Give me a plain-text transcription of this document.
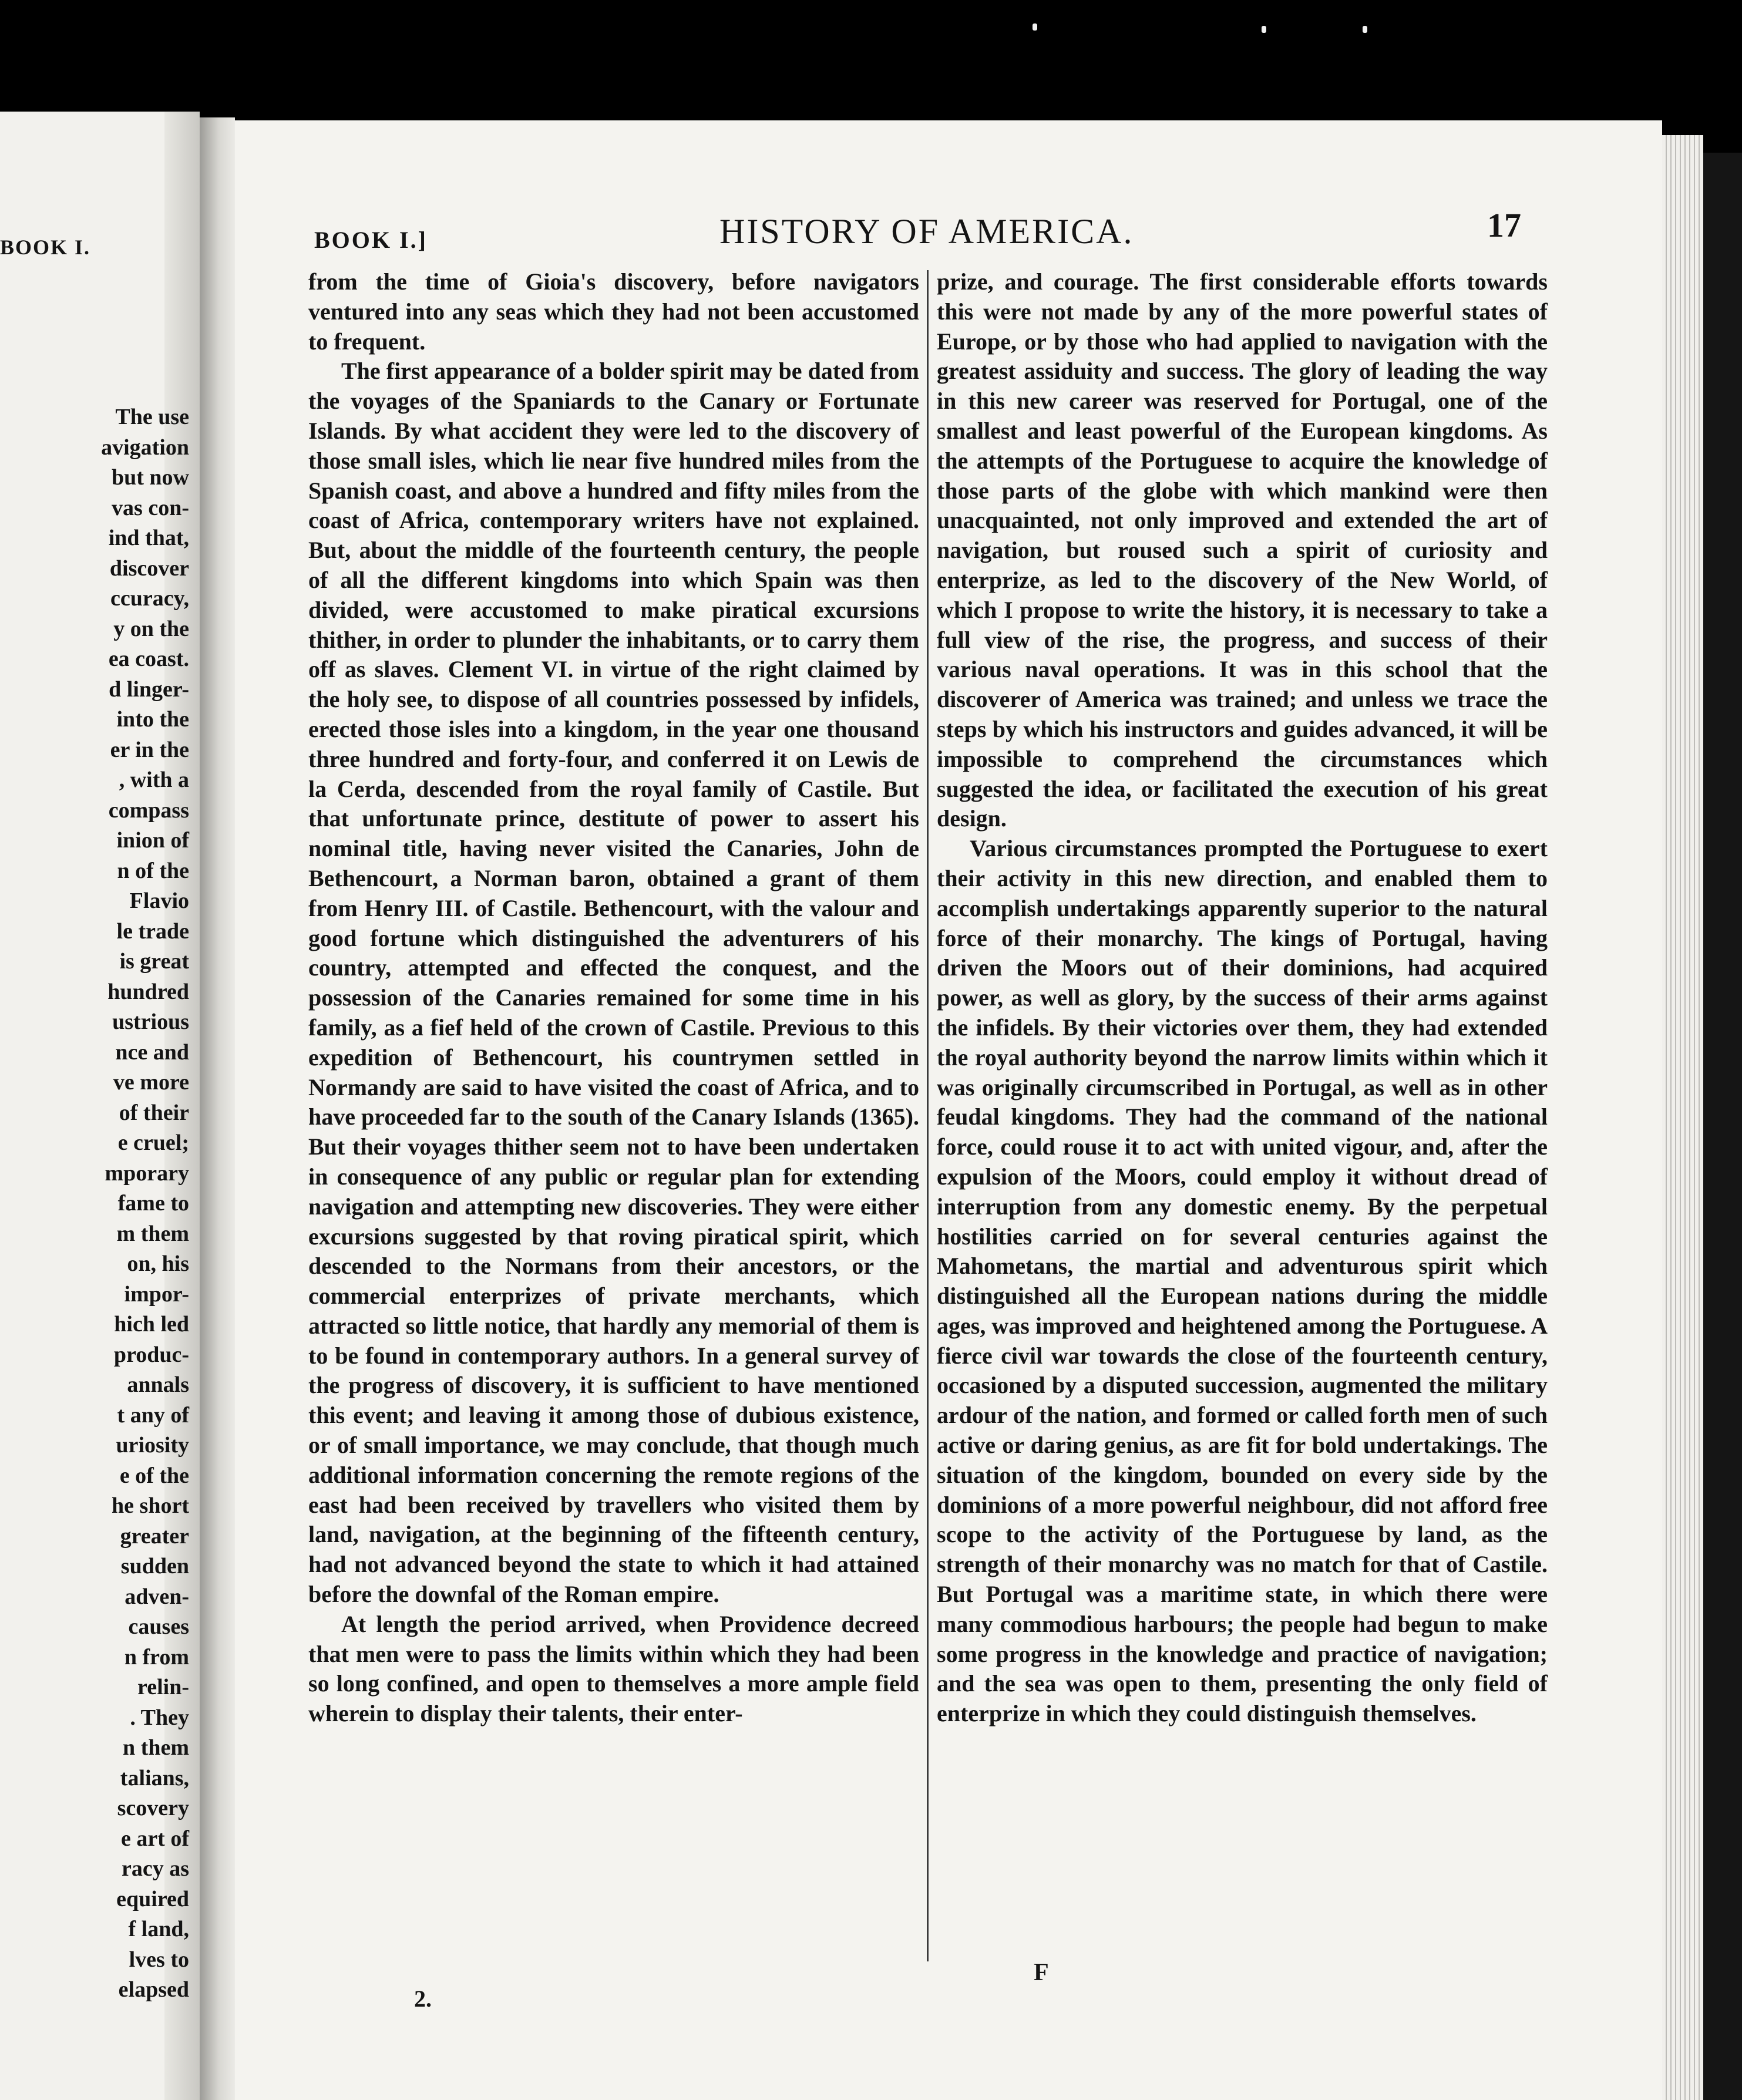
BOOK I.
The use
avigation
but now
vas con-
ind that,
discover
ccuracy,
y on the
ea coast.
d linger-
into the
er in the
, with a
compass
inion of
n of the
Flavio
le trade
is great
hundred
ustrious
nce and
ve more
of their
e cruel;
mporary
fame to
m them
on, his
impor-
hich led
produc-
annals
t any of
uriosity
e of the
he short
greater
sudden
adven-
causes
n from
relin-
. They
n them
talians,
scovery
e art of
racy as
equired
f land,
lves to
elapsed
BOOK I.]	HISTORY OF AMERICA.	17

from the time of Gioia's discovery, before navigators ventured into any seas which they had not been accustomed to frequent.

The first appearance of a bolder spirit may be dated from the voyages of the Spaniards to the Canary or Fortunate Islands. By what accident they were led to the discovery of those small isles, which lie near five hundred miles from the Spanish coast, and above a hundred and fifty miles from the coast of Africa, contemporary writers have not explained. But, about the middle of the fourteenth century, the people of all the different kingdoms into which Spain was then divided, were accustomed to make piratical excursions thither, in order to plunder the inhabitants, or to carry them off as slaves. Clement VI. in virtue of the right claimed by the holy see, to dispose of all countries possessed by infidels, erected those isles into a kingdom, in the year one thousand three hundred and forty-four, and conferred it on Lewis de la Cerda, descended from the royal family of Castile. But that unfortunate prince, destitute of power to assert his nominal title, having never visited the Canaries, John de Bethencourt, a Norman baron, obtained a grant of them from Henry III. of Castile. Bethencourt, with the valour and good fortune which distinguished the adventurers of his country, attempted and effected the conquest, and the possession of the Canaries remained for some time in his family, as a fief held of the crown of Castile. Previous to this expedition of Bethencourt, his countrymen settled in Normandy are said to have visited the coast of Africa, and to have proceeded far to the south of the Canary Islands (1365). But their voyages thither seem not to have been undertaken in consequence of any public or regular plan for extending navigation and attempting new discoveries. They were either excursions suggested by that roving piratical spirit, which descended to the Normans from their ancestors, or the commercial enterprizes of private merchants, which attracted so little notice, that hardly any memorial of them is to be found in contemporary authors. In a general survey of the progress of discovery, it is sufficient to have mentioned this event; and leaving it among those of dubious existence, or of small importance, we may conclude, that though much additional information concerning the remote regions of the east had been received by travellers who visited them by land, navigation, at the beginning of the fifteenth century, had not advanced beyond the state to which it had attained before the downfal of the Roman empire.

At length the period arrived, when Providence decreed that men were to pass the limits within which they had been so long confined, and open to themselves a more ample field wherein to display their talents, their enter-

prize, and courage. The first considerable efforts towards this were not made by any of the more powerful states of Europe, or by those who had applied to navigation with the greatest assiduity and success. The glory of leading the way in this new career was reserved for Portugal, one of the smallest and least powerful of the European kingdoms. As the attempts of the Portuguese to acquire the knowledge of those parts of the globe with which mankind were then unacquainted, not only improved and extended the art of navigation, but roused such a spirit of curiosity and enterprize, as led to the discovery of the New World, of which I propose to write the history, it is necessary to take a full view of the rise, the progress, and success of their various naval operations. It was in this school that the discoverer of America was trained; and unless we trace the steps by which his instructors and guides advanced, it will be impossible to comprehend the circumstances which suggested the idea, or facilitated the execution of his great design.

Various circumstances prompted the Portuguese to exert their activity in this new direction, and enabled them to accomplish undertakings apparently superior to the natural force of their monarchy. The kings of Portugal, having driven the Moors out of their dominions, had acquired power, as well as glory, by the success of their arms against the infidels. By their victories over them, they had extended the royal authority beyond the narrow limits within which it was originally circumscribed in Portugal, as well as in other feudal kingdoms. They had the command of the national force, could rouse it to act with united vigour, and, after the expulsion of the Moors, could employ it without dread of interruption from any domestic enemy. By the perpetual hostilities carried on for several centuries against the Mahometans, the martial and adventurous spirit which distinguished all the European nations during the middle ages, was improved and heightened among the Portuguese. A fierce civil war towards the close of the fourteenth century, occasioned by a disputed succession, augmented the military ardour of the nation, and formed or called forth men of such active or daring genius, as are fit for bold undertakings. The situation of the kingdom, bounded on every side by the dominions of a more powerful neighbour, did not afford free scope to the activity of the Portuguese by land, as the strength of their monarchy was no match for that of Castile. But Portugal was a maritime state, in which there were many commodious harbours; the people had begun to make some progress in the knowledge and practice of navigation; and the sea was open to them, presenting the only field of enterprize in which they could distinguish themselves.

2.
F
